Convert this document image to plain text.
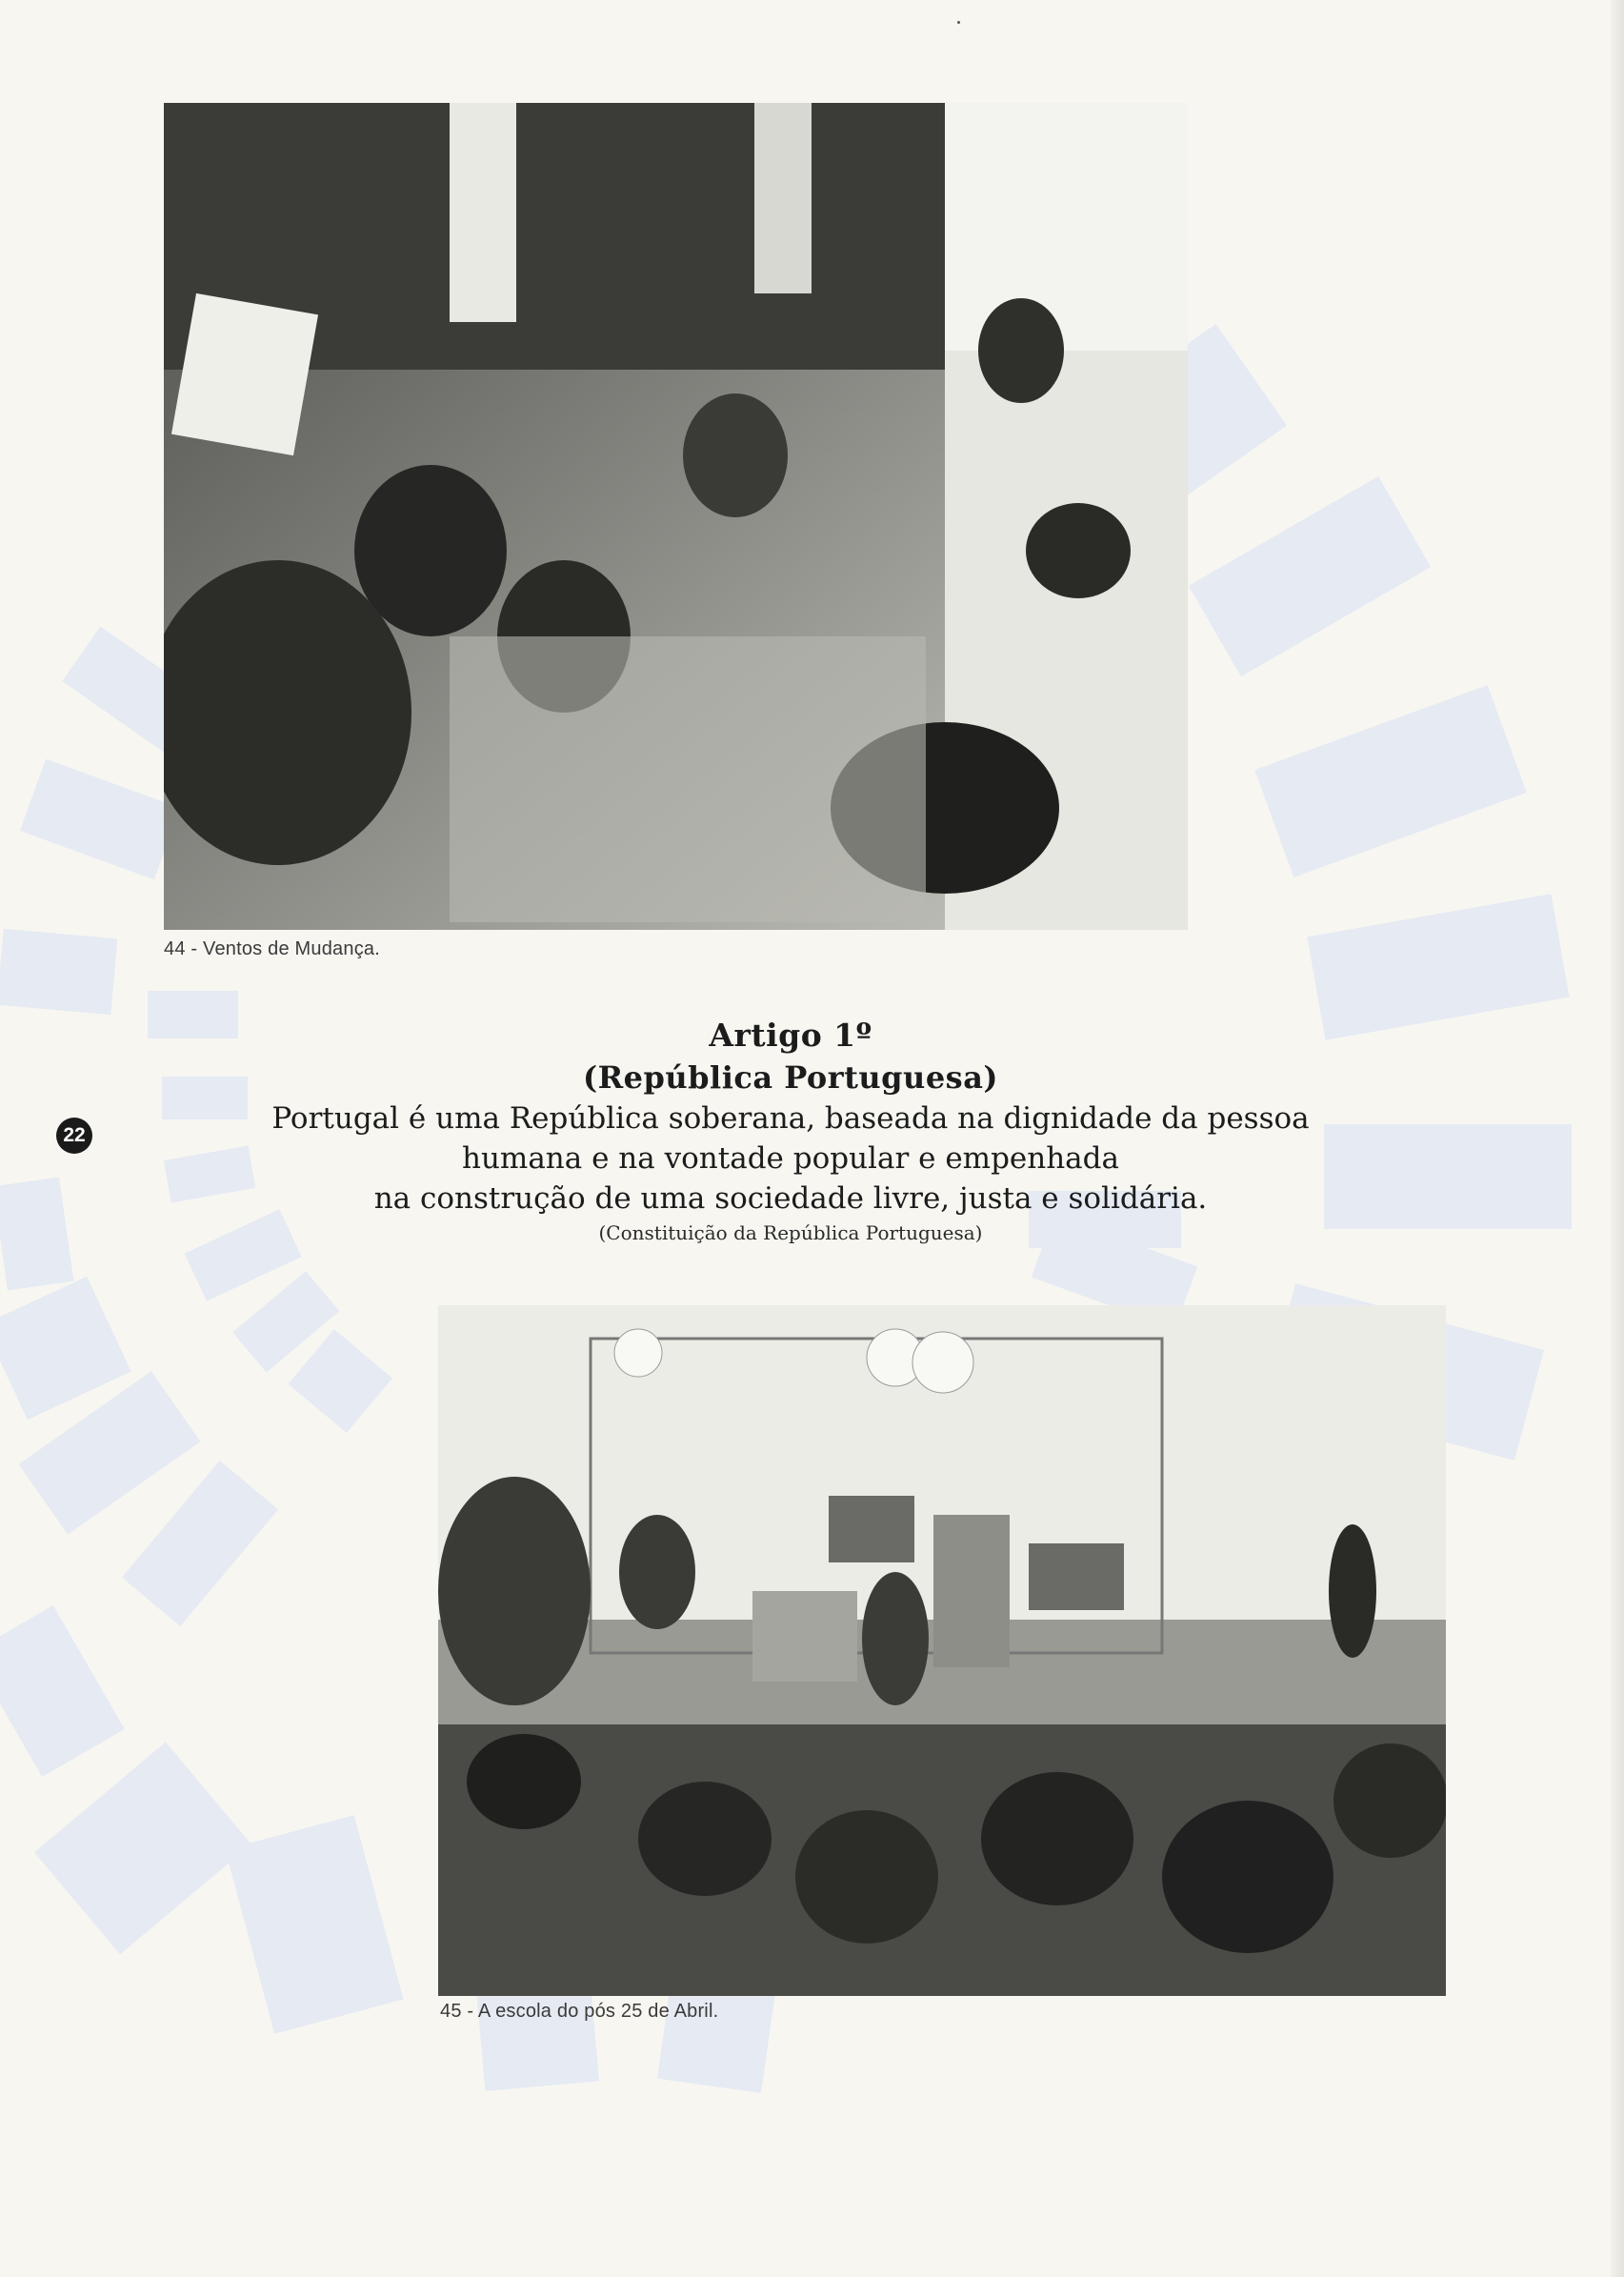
44 - Ventos de Mudança.
22
Artigo 1º
(República Portuguesa)

Portugal é uma República soberana, baseada na dignidade da pessoa

humana e na vontade popular e empenhada

na construção de uma sociedade livre, justa e solidária.

(Constituição da República Portuguesa)

45 - A escola do pós 25 de Abril.
